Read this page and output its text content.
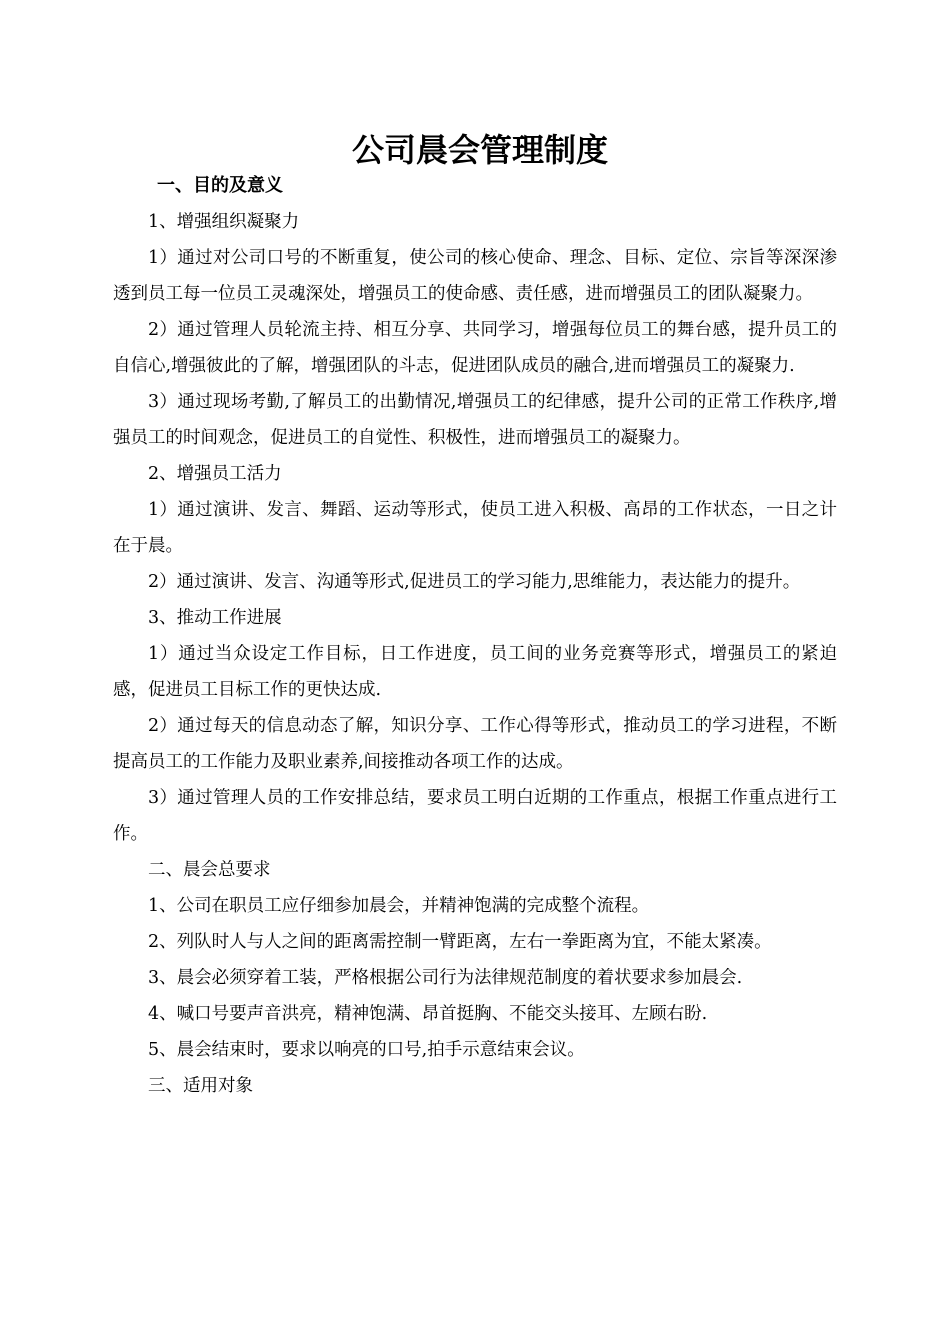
公司晨会管理制度
一、目的及意义
1、增强组织凝聚力
1）通过对公司口号的不断重复，使公司的核心使命、理念、目标、定位、宗旨等深深渗透到员工每一位员工灵魂深处，增强员工的使命感、责任感，进而增强员工的团队凝聚力。
2）通过管理人员轮流主持、相互分享、共同学习，增强每位员工的舞台感，提升员工的自信心,增强彼此的了解，增强团队的斗志，促进团队成员的融合,进而增强员工的凝聚力.
3）通过现场考勤,了解员工的出勤情况,增强员工的纪律感，提升公司的正常工作秩序,增强员工的时间观念，促进员工的自觉性、积极性，进而增强员工的凝聚力。
2、增强员工活力
1）通过演讲、发言、舞蹈、运动等形式，使员工进入积极、高昂的工作状态，一日之计在于晨。
2）通过演讲、发言、沟通等形式,促进员工的学习能力,思维能力，表达能力的提升。
3、推动工作进展
1）通过当众设定工作目标，日工作进度，员工间的业务竞赛等形式，增强员工的紧迫感，促进员工目标工作的更快达成.
2）通过每天的信息动态了解，知识分享、工作心得等形式，推动员工的学习进程，不断提高员工的工作能力及职业素养,间接推动各项工作的达成。
3）通过管理人员的工作安排总结，要求员工明白近期的工作重点，根据工作重点进行工作。
二、晨会总要求
1、公司在职员工应仔细参加晨会，并精神饱满的完成整个流程。
2、列队时人与人之间的距离需控制一臂距离，左右一拳距离为宜，不能太紧凑。
3、晨会必须穿着工装，严格根据公司行为法律规范制度的着状要求参加晨会.
4、喊口号要声音洪亮，精神饱满、昂首挺胸、不能交头接耳、左顾右盼.
5、晨会结束时，要求以响亮的口号,拍手示意结束会议。
三、适用对象
